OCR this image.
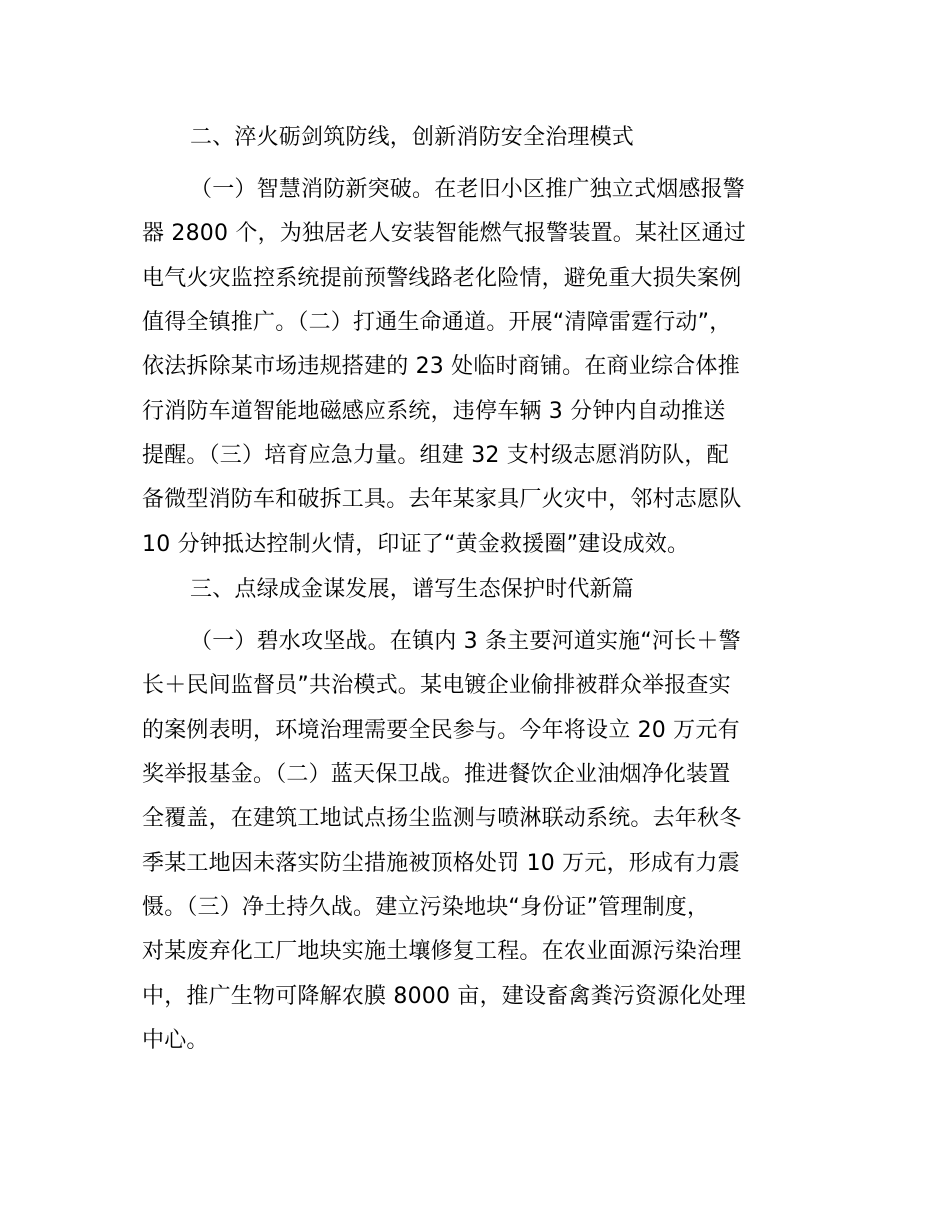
二、淬火砺剑筑防线，创新消防安全治理模式
（一）智慧消防新突破。在老旧小区推广独立式烟感报警
器 2800 个，为独居老人安装智能燃气报警装置。某社区通过
电气火灾监控系统提前预警线路老化险情，避免重大损失案例
值得全镇推广。（二）打通生命通道。开展“清障雷霆行动”，
依法拆除某市场违规搭建的 23 处临时商铺。在商业综合体推
行消防车道智能地磁感应系统，违停车辆 3 分钟内自动推送
提醒。（三）培育应急力量。组建 32 支村级志愿消防队，配
备微型消防车和破拆工具。去年某家具厂火灾中，邻村志愿队
10 分钟抵达控制火情，印证了“黄金救援圈”建设成效。
三、点绿成金谋发展，谱写生态保护时代新篇
（一）碧水攻坚战。在镇内 3 条主要河道实施“河长＋警
长＋民间监督员”共治模式。某电镀企业偷排被群众举报查实
的案例表明，环境治理需要全民参与。今年将设立 20 万元有
奖举报基金。（二）蓝天保卫战。推进餐饮企业油烟净化装置
全覆盖，在建筑工地试点扬尘监测与喷淋联动系统。去年秋冬
季某工地因未落实防尘措施被顶格处罚 10 万元，形成有力震
慑。（三）净土持久战。建立污染地块“身份证”管理制度，
对某废弃化工厂地块实施土壤修复工程。在农业面源污染治理
中，推广生物可降解农膜 8000 亩，建设畜禽粪污资源化处理
中心。
